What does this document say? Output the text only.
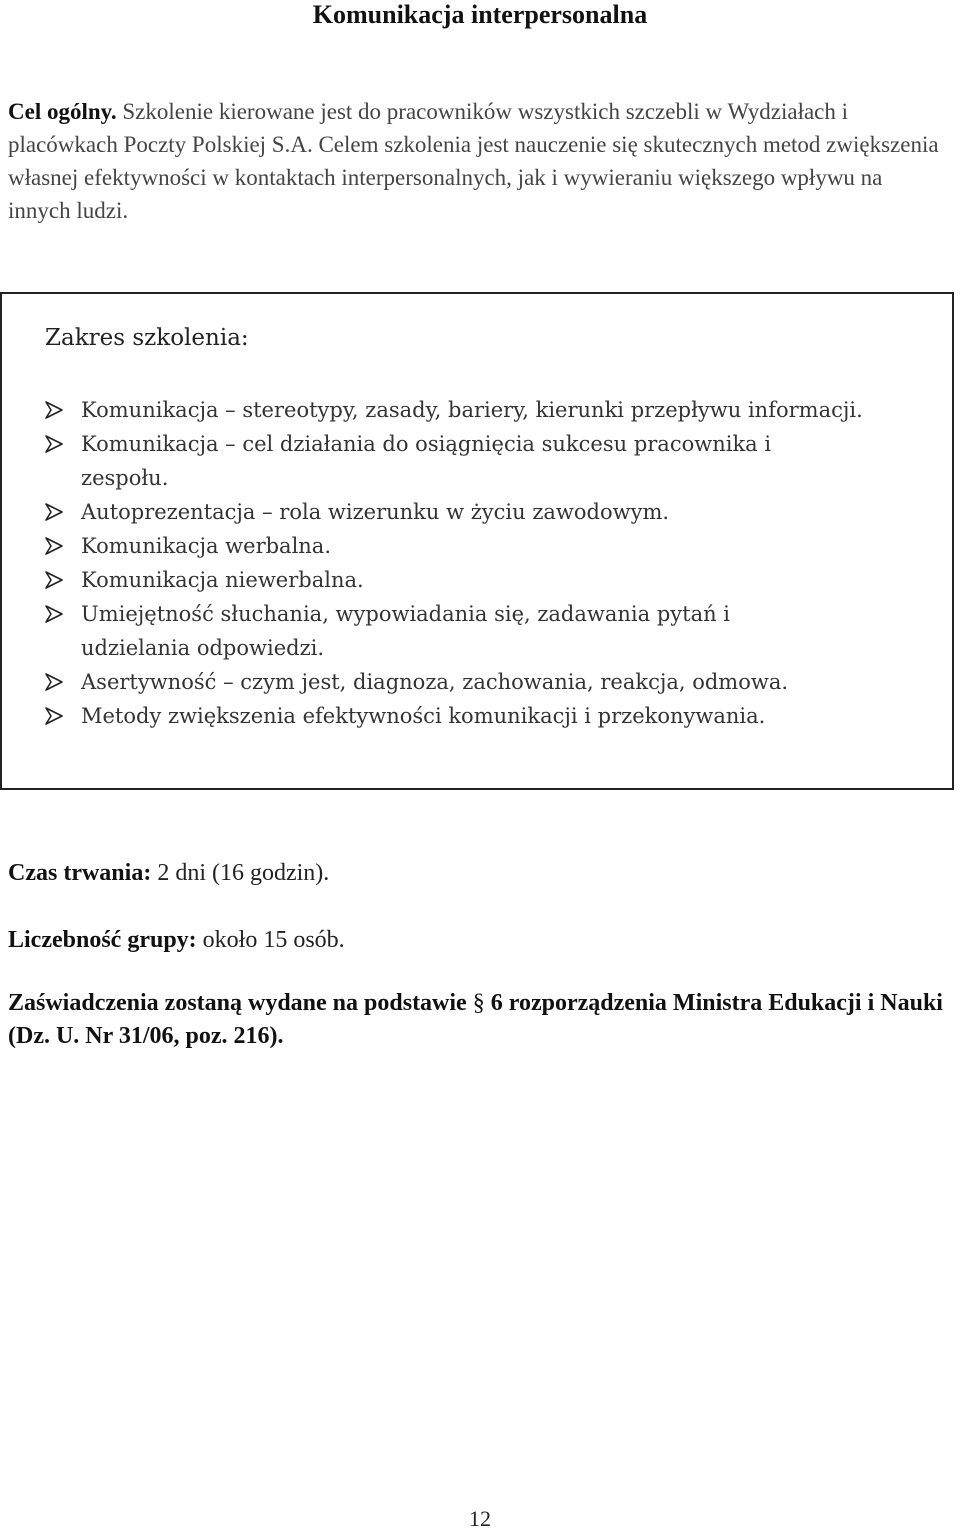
Komunikacja interpersonalna
Cel ogólny. Szkolenie kierowane jest do pracowników wszystkich szczebli w Wydziałach i placówkach Poczty Polskiej S.A. Celem szkolenia jest nauczenie się skutecznych metod zwiększenia własnej efektywności w kontaktach interpersonalnych, jak i wywieraniu większego wpływu na innych ludzi.
Zakres szkolenia:
Komunikacja – stereotypy, zasady, bariery, kierunki przepływu informacji.
Komunikacja – cel działania do osiągnięcia sukcesu pracownika i zespołu.
Autoprezentacja – rola wizerunku w życiu zawodowym.
Komunikacja werbalna.
Komunikacja niewerbalna.
Umiejętność słuchania, wypowiadania się, zadawania pytań i udzielania odpowiedzi.
Asertywność – czym jest, diagnoza, zachowania, reakcja, odmowa.
Metody zwiększenia efektywności komunikacji i przekonywania.
Czas trwania: 2 dni (16 godzin).
Liczebność grupy: około 15 osób.
Zaświadczenia zostaną wydane na podstawie § 6 rozporządzenia Ministra Edukacji i Nauki (Dz. U. Nr 31/06, poz. 216).
12
